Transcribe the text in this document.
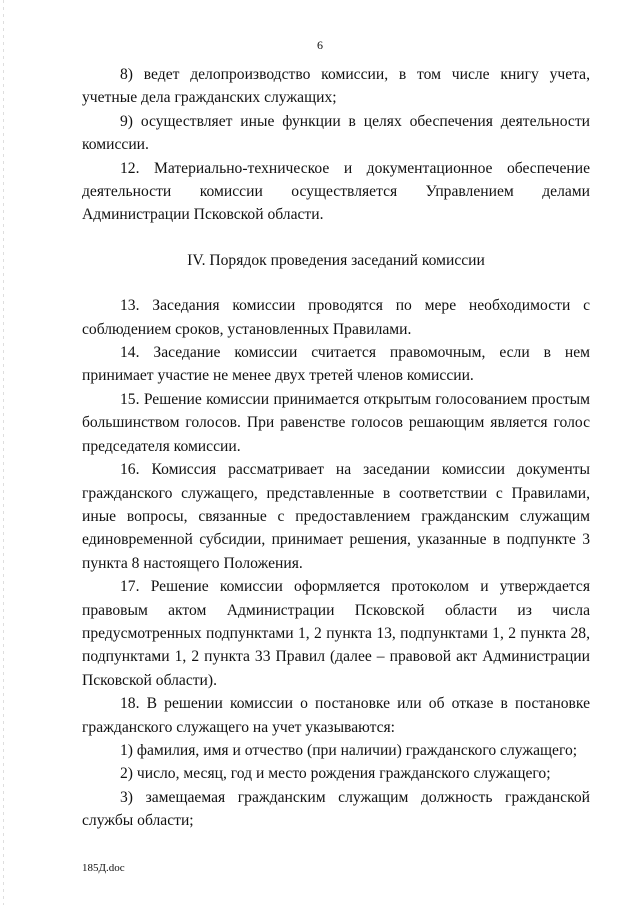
6

8) ведет делопроизводство комиссии, в том числе книгу учета, учетные дела гражданских служащих;

9) осуществляет иные функции в целях обеспечения деятельности комиссии.

12. Материально-техническое и документационное обеспечение деятельности комиссии осуществляется Управлением делами Администрации Псковской области.

IV. Порядок проведения заседаний комиссии

13. Заседания комиссии проводятся по мере необходимости с соблюдением сроков, установленных Правилами.

14. Заседание комиссии считается правомочным, если в нем принимает участие не менее двух третей членов комиссии.

15. Решение комиссии принимается открытым голосованием простым большинством голосов. При равенстве голосов решающим является голос председателя комиссии.

16. Комиссия рассматривает на заседании комиссии документы гражданского служащего, представленные в соответствии с Правилами, иные вопросы, связанные с предоставлением гражданским служащим единовременной субсидии, принимает решения, указанные в подпункте 3 пункта 8 настоящего Положения.

17. Решение комиссии оформляется протоколом и утверждается правовым актом Администрации Псковской области из числа предусмотренных подпунктами 1, 2 пункта 13, подпунктами 1, 2 пункта 28, подпунктами 1, 2 пункта 33 Правил (далее – правовой акт Администрации Псковской области).

18. В решении комиссии о постановке или об отказе в постановке гражданского служащего на учет указываются:

1) фамилия, имя и отчество (при наличии) гражданского служащего;

2) число, месяц, год и место рождения гражданского служащего;

3) замещаемая гражданским служащим должность гражданской службы области;

185Д.doc
